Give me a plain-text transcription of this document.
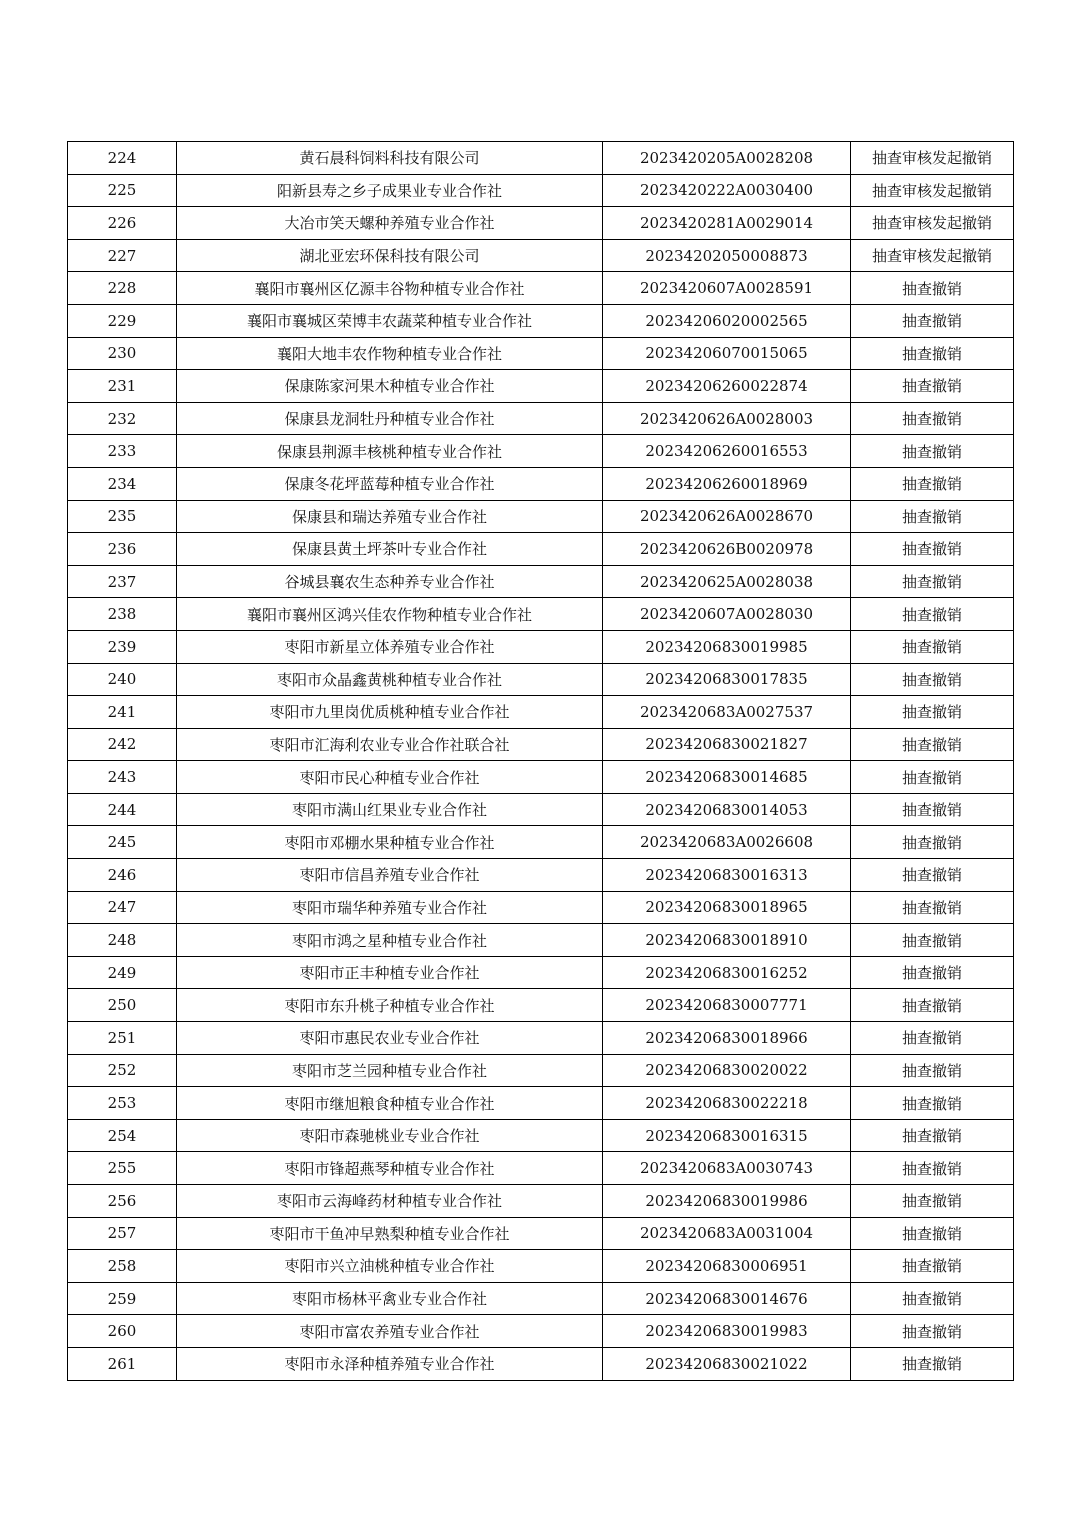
224	黄石晨科饲料科技有限公司	2023420205A0028208	抽查审核发起撤销
225	阳新县寿之乡子成果业专业合作社	2023420222A0030400	抽查审核发起撤销
226	大冶市笑天螺种养殖专业合作社	2023420281A0029014	抽查审核发起撤销
227	湖北亚宏环保科技有限公司	20234202050008873	抽查审核发起撤销
228	襄阳市襄州区亿源丰谷物种植专业合作社	2023420607A0028591	抽查撤销
229	襄阳市襄城区荣博丰农蔬菜种植专业合作社	20234206020002565	抽查撤销
230	襄阳大地丰农作物种植专业合作社	20234206070015065	抽查撤销
231	保康陈家河果木种植专业合作社	20234206260022874	抽查撤销
232	保康县龙洞牡丹种植专业合作社	2023420626A0028003	抽查撤销
233	保康县荆源丰核桃种植专业合作社	20234206260016553	抽查撤销
234	保康冬花坪蓝莓种植专业合作社	20234206260018969	抽查撤销
235	保康县和瑞达养殖专业合作社	2023420626A0028670	抽查撤销
236	保康县黄土坪茶叶专业合作社	2023420626B0020978	抽查撤销
237	谷城县襄农生态种养专业合作社	2023420625A0028038	抽查撤销
238	襄阳市襄州区鸿兴佳农作物种植专业合作社	2023420607A0028030	抽查撤销
239	枣阳市新星立体养殖专业合作社	20234206830019985	抽查撤销
240	枣阳市众晶鑫黄桃种植专业合作社	20234206830017835	抽查撤销
241	枣阳市九里岗优质桃种植专业合作社	2023420683A0027537	抽查撤销
242	枣阳市汇海利农业专业合作社联合社	20234206830021827	抽查撤销
243	枣阳市民心种植专业合作社	20234206830014685	抽查撤销
244	枣阳市满山红果业专业合作社	20234206830014053	抽查撤销
245	枣阳市邓棚水果种植专业合作社	2023420683A0026608	抽查撤销
246	枣阳市信昌养殖专业合作社	20234206830016313	抽查撤销
247	枣阳市瑞华种养殖专业合作社	20234206830018965	抽查撤销
248	枣阳市鸿之星种植专业合作社	20234206830018910	抽查撤销
249	枣阳市正丰种植专业合作社	20234206830016252	抽查撤销
250	枣阳市东升桃子种植专业合作社	20234206830007771	抽查撤销
251	枣阳市惠民农业专业合作社	20234206830018966	抽查撤销
252	枣阳市芝兰园种植专业合作社	20234206830020022	抽查撤销
253	枣阳市继旭粮食种植专业合作社	20234206830022218	抽查撤销
254	枣阳市森驰桃业专业合作社	20234206830016315	抽查撤销
255	枣阳市锋超燕琴种植专业合作社	2023420683A0030743	抽查撤销
256	枣阳市云海峰药材种植专业合作社	20234206830019986	抽查撤销
257	枣阳市干鱼冲早熟梨种植专业合作社	2023420683A0031004	抽查撤销
258	枣阳市兴立油桃种植专业合作社	20234206830006951	抽查撤销
259	枣阳市杨林平禽业专业合作社	20234206830014676	抽查撤销
260	枣阳市富农养殖专业合作社	20234206830019983	抽查撤销
261	枣阳市永泽种植养殖专业合作社	20234206830021022	抽查撤销
